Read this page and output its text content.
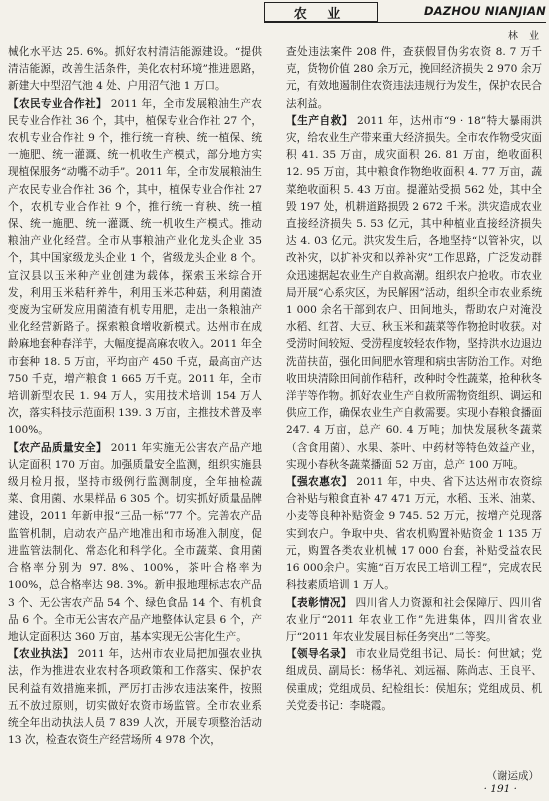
农 业	DAZHOU NIANJIAN
林 业

械化水平达 25. 6%。抓好农村清洁能源建设。“提供清洁能源，改善生活条件，美化农村环境”推进恩路，新建大中型沼气池 4 处、户用沼气池 1 万口。

【农民专业合作社】 2011 年，全市发展粮油生产农民专业合作社 36 个，其中，植保专业合作社 27 个，农机专业合作社 9 个，推行统一育秧、统一植保、统一施肥、统一灌溉、统一机收生产模式，部分地方实现植保服务“动嘴不动手”。2011 年，全市发展粮油生产农民专业合作社 36 个，其中，植保专业合作社 27 个，农机专业合作社 9 个，推行统一育秧、统一植保、统一施肥、统一灌溉、统一机收生产模式。推动粮油产业化经营。全市从事粮油产业化龙头企业 35 个，其中国家级龙头企业 1 个，省级龙头企业 8 个。宣汉县以玉米种产业创建为载体，探索玉米综合开发，利用玉米秸秆养牛，利用玉米芯种菇，利用菌渣变废为宝研发应用菌渣有机专用肥，走出一条粮油产业化经营新路子。探索粮食增收新模式。达州市在成龄麻地套种春洋芋，大幅度提高麻农收入。2011 年全市套种 18. 5 万亩，平均亩产 450 千克，最高亩产达 750 千克，增产粮食 1 665 万千克。2011 年，全市培训新型农民 1. 94 万人，实用技术培训 154 万人次，落实科技示范面积 139. 3 万亩，主推技术普及率 100%。

【农产品质量安全】 2011 年实施无公害农产品产地认定面积 170 万亩。加强质量安全监测，组织实施县级月检月报，坚持市级例行监测制度，全年抽检蔬菜、食用菌、水果样品 6 305 个。切实抓好质量品牌建设，2011 年新申报“三品一标”77 个。完善农产品监管机制，启动农产品产地准出和市场准入制度，促进监管法制化、常态化和科学化。全市蔬菜、食用菌合格率分别为 97. 8%、100%，茶叶合格率为 100%，总合格率达 98. 3%。新申报地理标志农产品 3 个、无公害农产品 54 个、绿色食品 14 个、有机食品 6 个。全市无公害农产品产地整体认定县 6 个，产地认定面积达 360 万亩，基本实现无公害化生产。

【农业执法】 2011 年，达州市农业局把加强农业执法，作为推进农业农村各项政策和工作落实、保护农民利益有效措施来抓，严厉打击涉农违法案件，按照五不放过原则，切实做好农资市场监管。全市农业系统全年出动执法人员 7 839 人次，开展专项整治活动 13 次，检查农资生产经营场所 4 978 个次，

查处违法案件 208 件，查获假冒伪劣农资 8. 7 万千克，货物价值 280 余万元，挽回经济损失 2 970 余万元，有效地遏制住农资违法违规行为发生，保护农民合法利益。

【生产自救】 2011 年，达州市“9 · 18”特大暴雨洪灾，给农业生产带来重大经济损失。全市农作物受灾面积 41. 35 万亩，成灾面积 26. 81 万亩，绝收面积 12. 95 万亩，其中粮食作物绝收面积 4. 77 万亩，蔬菜绝收面积 5. 43 万亩。提灌站受损 562 处，其中全毁 197 处，机耕道路损毁 2 672 千米。洪灾造成农业直接经济损失 5. 53 亿元，其中种植业直接经济损失达 4. 03 亿元。洪灾发生后，各地坚持“以管补灾，以改补灾，以扩补灾和以养补灾”工作思路，广泛发动群众迅速据起农业生产自救高潮。组织农户抢收。市农业局开展“心系灾区，为民解困”活动，组织全市农业系统 1 000 余名干部到农户、田间地头，帮助农户对淹没水稻、红苕、大豆、秋玉米和蔬菜等作物抢时收获。对受涝时间较短、受涝程度较轻农作物，坚持洪水边退边洗苗扶苗，强化田间肥水管理和病虫害防治工作。对绝收田块清除田间前作秸秆，改种时令性蔬菜，抢种秋冬洋芋等作物。抓好农业生产自救所需物资组织、调运和供应工作，确保农业生产自救需要。实现小春粮食播面 247. 4 万亩，总产 60. 4 万吨；加快发展秋冬蔬菜（含食用菌）、水果、茶叶、中药材等特色效益产业，实现小春秋冬蔬菜播面 52 万亩，总产 100 万吨。

【强农惠农】 2011 年，中央、省下达达州市农资综合补贴与粮食直补 47 471 万元，水稻、玉米、油菜、小麦等良种补贴资金 9 745. 52 万元，按增产兑现落实到农户。争取中央、省农机购置补贴资金 1 135 万元，购置各类农业机械 17 000 台套，补贴受益农民 16 000余户。实施“百万农民工培训工程”，完成农民科技素质培训 1 万人。

【表彰情况】 四川省人力资源和社会保障厅、四川省农业厅“2011 年农业工作”先进集体，四川省农业厅“2011 年农业发展目标任务突出”二等奖。

【领导名录】 市农业局党组书记、局长：何世斌；党组成员、副局长：杨华礼、刘远福、陈尚志、王良平、侯重成；党组成员、纪检组长：侯旭东；党组成员、机关党委书记：李晓霞。

（谢运成）
· 191 ·
